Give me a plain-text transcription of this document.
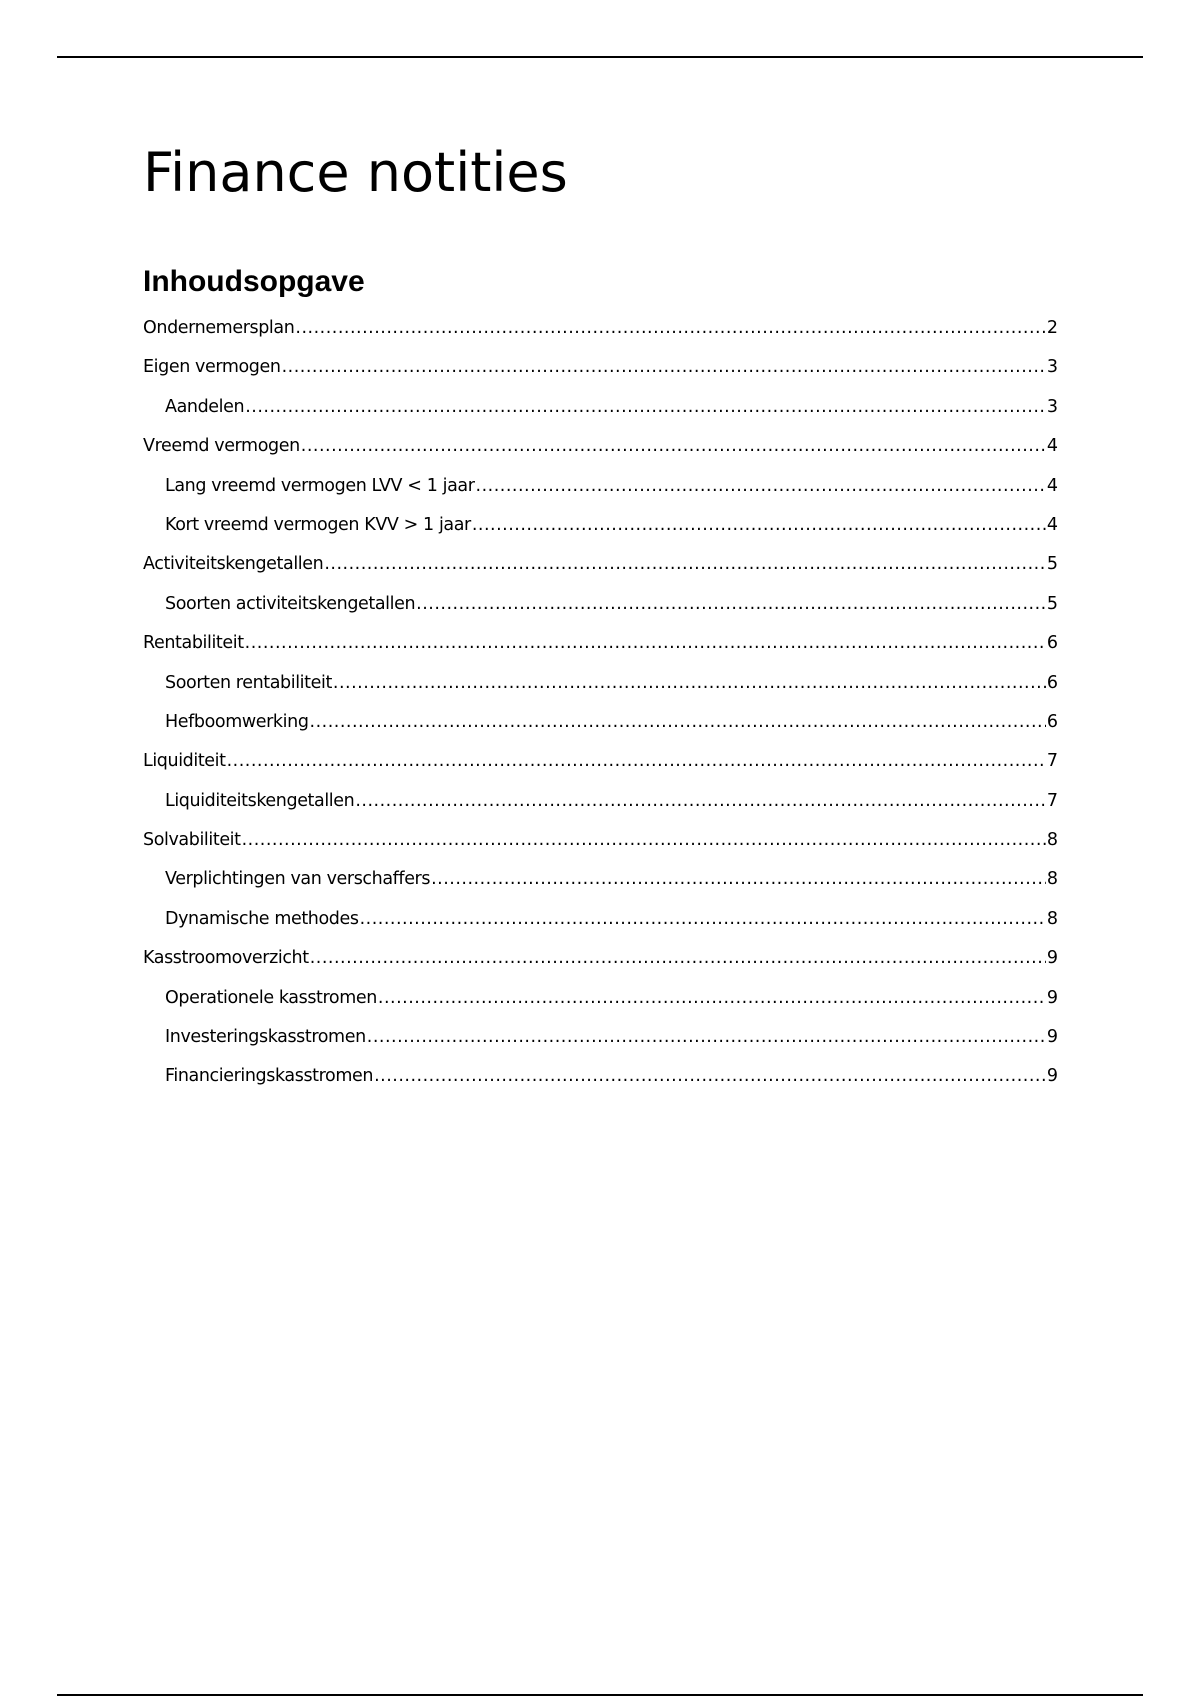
Finance notities
Inhoudsopgave
Ondernemersplan .....	2
Eigen vermogen .....	3
Aandelen .....	3
Vreemd vermogen .....	4
Lang vreemd vermogen LVV < 1 jaar .....	4
Kort vreemd vermogen KVV > 1 jaar .....	4
Activiteitskengetallen .....	5
Soorten activiteitskengetallen .....	5
Rentabiliteit .....	6
Soorten rentabiliteit .....	6
Hefboomwerking .....	6
Liquiditeit .....	7
Liquiditeitskengetallen .....	7
Solvabiliteit .....	8
Verplichtingen van verschaffers .....	8
Dynamische methodes .....	8
Kasstroomoverzicht .....	9
Operationele kasstromen .....	9
Investeringskasstromen .....	9
Financieringskasstromen .....	9
